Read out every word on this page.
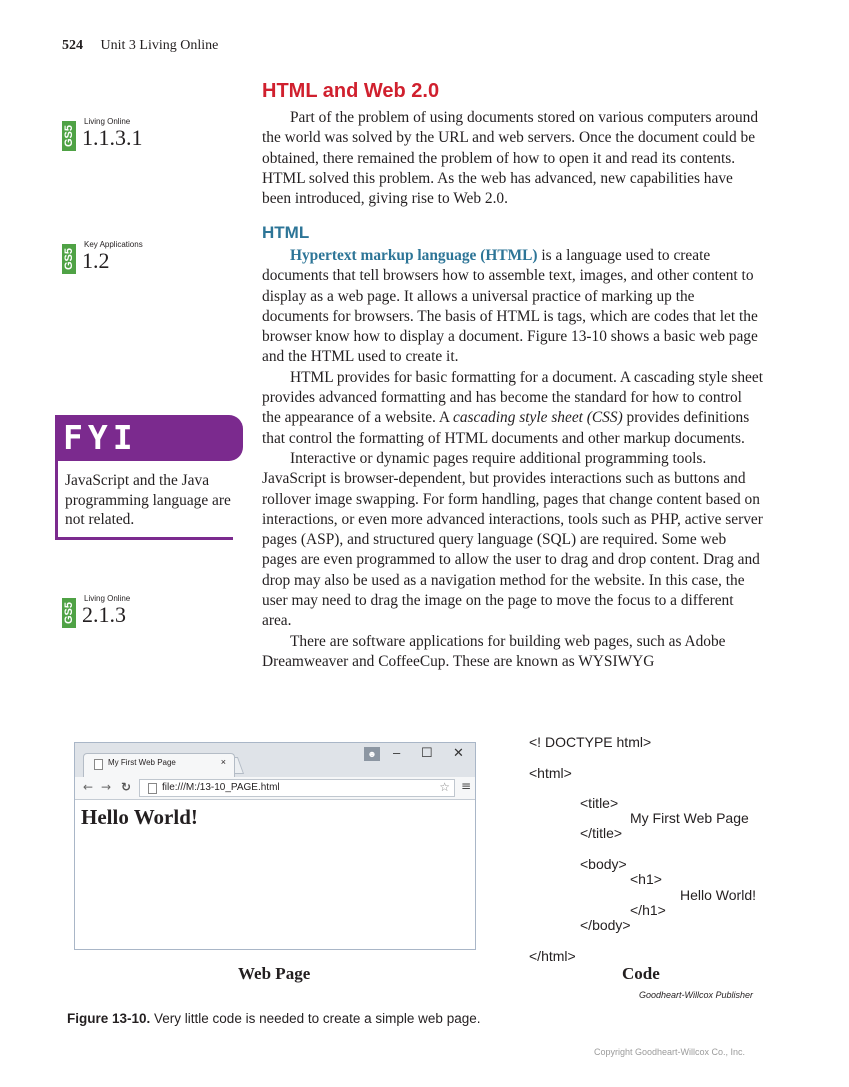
524 Unit 3 Living Online
HTML and Web 2.0

Part of the problem of using documents stored on various computers around the world was solved by the URL and web servers. Once the document could be obtained, there remained the problem of how to open it and read its contents. HTML solved this problem. As the web has advanced, new capabilities have been introduced, giving rise to Web 2.0.

HTML

Hypertext markup language (HTML) is a language used to create documents that tell browsers how to assemble text, images, and other content to display as a web page. It allows a universal practice of marking up the documents for browsers. The basis of HTML is tags, which are codes that let the browser know how to display a document. Figure 13-10 shows a basic web page and the HTML used to create it.

HTML provides for basic formatting for a document. A cascading style sheet provides advanced formatting and has become the standard for how to control the appearance of a website. A cascading style sheet (CSS) provides definitions that control the formatting of HTML documents and other markup documents.

Interactive or dynamic pages require additional programming tools. JavaScript is browser-dependent, but provides interactions such as buttons and rollover image swapping. For form handling, pages that change content based on interactions, or even more advanced interactions, tools such as PHP, active server pages (ASP), and structured query language (SQL) are required. Some web pages are even programmed to allow the user to drag and drop content. Drag and drop may also be used as a navigation method for the website. In this case, the user may need to drag the image on the page to move the focus to a different area.

There are software applications for building web pages, such as Adobe Dreamweaver and CoffeeCup. These are known as WYSIWYG

GS5
Living Online
1.1.3.1
GS5
Key Applications
1.2
GS5
Living Online
2.1.3
FYI
JavaScript and the Java programming language are not related.
My First Web Page	×
☻ – ☐ ✕
← → ↻	file:///M:/13-10_PAGE.html	☆ ≡
Hello World!
<! DOCTYPE html>
<html>
<title>
My First Web Page
</title>
<body>
<h1>
Hello World!
</h1>
</body>
</html>
Web Page	Code
Goodheart-Willcox Publisher
Figure 13-10. Very little code is needed to create a simple web page.
Copyright Goodheart-Willcox Co., Inc.
